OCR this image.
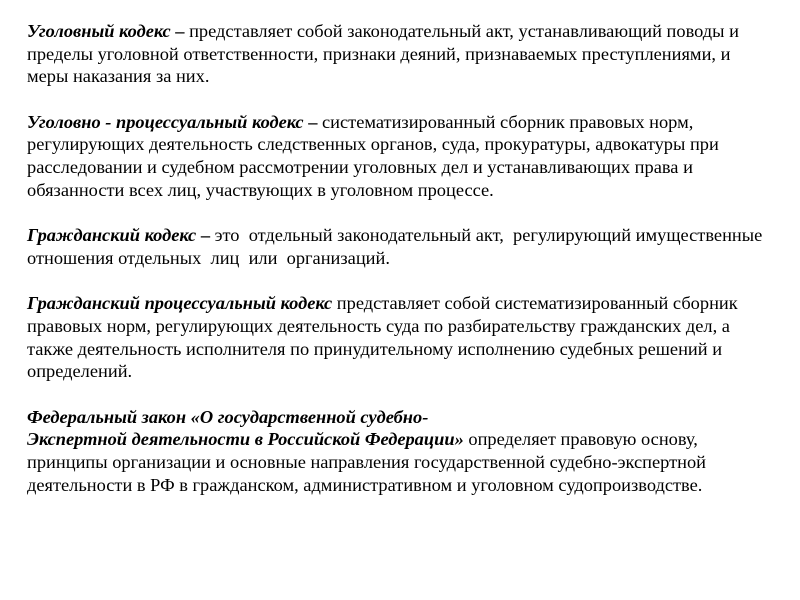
Уголовный кодекс – представляет собой законодательный акт, устанавливающий поводы и пределы уголовной ответственности, признаки деяний, признаваемых преступлениями, и меры наказания за них.

Уголовно - процессуальный кодекс – систематизированный сборник правовых норм, регулирующих деятельность следственных органов, суда, прокуратуры, адвокатуры при расследовании и судебном рассмотрении уголовных дел и устанавливающих права и обязанности всех лиц, участвующих в уголовном процессе.

Гражданский кодекс – это  отдельный законодательный акт,  регулирующий имущественные  отношения отдельных  лиц  или  организаций.

Гражданский процессуальный кодекс представляет собой систематизированный сборник правовых норм, регулирующих деятельность суда по разбирательству гражданских дел, а также деятельность исполнителя по принудительному исполнению судебных решений и определений.

Федеральный закон «О государственной судебно-
Экспертной деятельности в Российской Федерации» определяет правовую основу, принципы организации и основные направления государственной судебно-экспертной деятельности в РФ в гражданском, административном и уголовном судопроизводстве.
